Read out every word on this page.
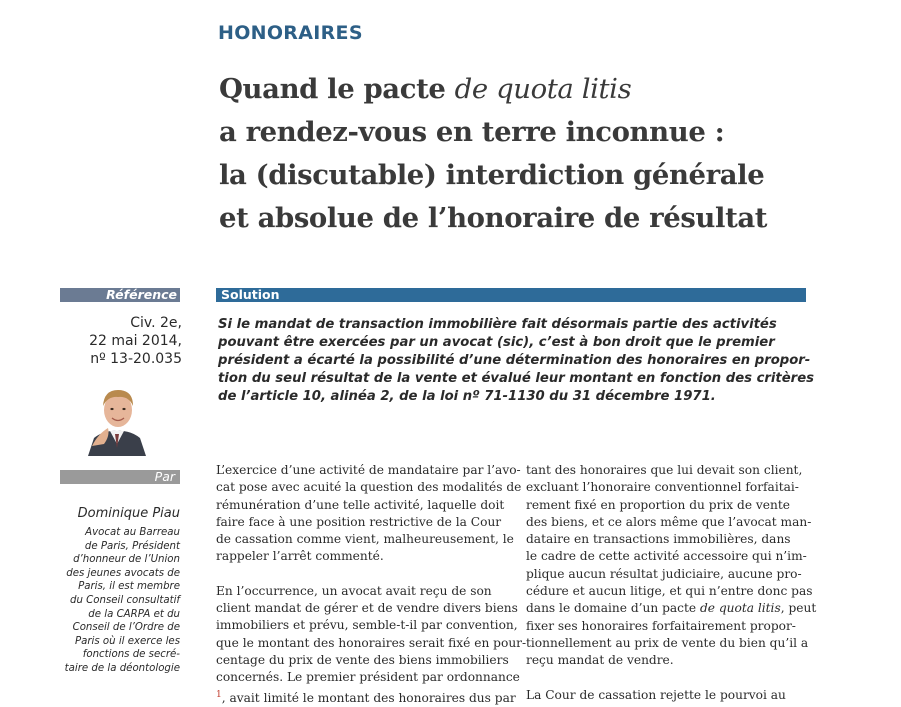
HONORAIRES
Quand le pacte de quota litis
a rendez-vous en terre inconnue :
la (discutable) interdiction générale
et absolue de l’honoraire de résultat
Référence
Civ. 2e,
22 mai 2014,
nº 13-20.035
Solution
Si le mandat de transaction immobilière fait désormais partie des activités
pouvant être exercées par un avocat (sic), c’est à bon droit que le premier
président a écarté la possibilité d’une détermination des honoraires en propor-
tion du seul résultat de la vente et évalué leur montant en fonction des critères
de l’article 10, alinéa 2, de la loi nº 71-1130 du 31 décembre 1971.
Par
Dominique Piau
Avocat au Barreau
de Paris, Président
d’honneur de l’Union
des jeunes avocats de
Paris, il est membre
du Conseil consultatif
de la CARPA et du
Conseil de l’Ordre de
Paris où il exerce les
fonctions de secré-
taire de la déontologie
L’exercice d’une activité de mandataire par l’avo-
cat pose avec acuité la question des modalités de
rémunération d’une telle activité, laquelle doit
faire face à une position restrictive de la Cour
de cassation comme vient, malheureusement, le
rappeler l’arrêt commenté.
En l’occurrence, un avocat avait reçu de son
client mandat de gérer et de vendre divers biens
immobiliers et prévu, semble-t-il par convention,
que le montant des honoraires serait fixé en pour-
centage du prix de vente des biens immobiliers
concernés. Le premier président par ordonnance
$^1$, avait limité le montant des honoraires dus par
tant des honoraires que lui devait son client,
excluant l’honoraire conventionnel forfaitai-
rement fixé en proportion du prix de vente
des biens, et ce alors même que l’avocat man-
dataire en transactions immobilières, dans
le cadre de cette activité accessoire qui n’im-
plique aucun résultat judiciaire, aucune pro-
cédure et aucun litige, et qui n’entre donc pas
dans le domaine d’un pacte de quota litis, peut
fixer ses honoraires forfaitairement propor-
tionnellement au prix de vente du bien qu’il a
reçu mandat de vendre.
La Cour de cassation rejette le pourvoi au
